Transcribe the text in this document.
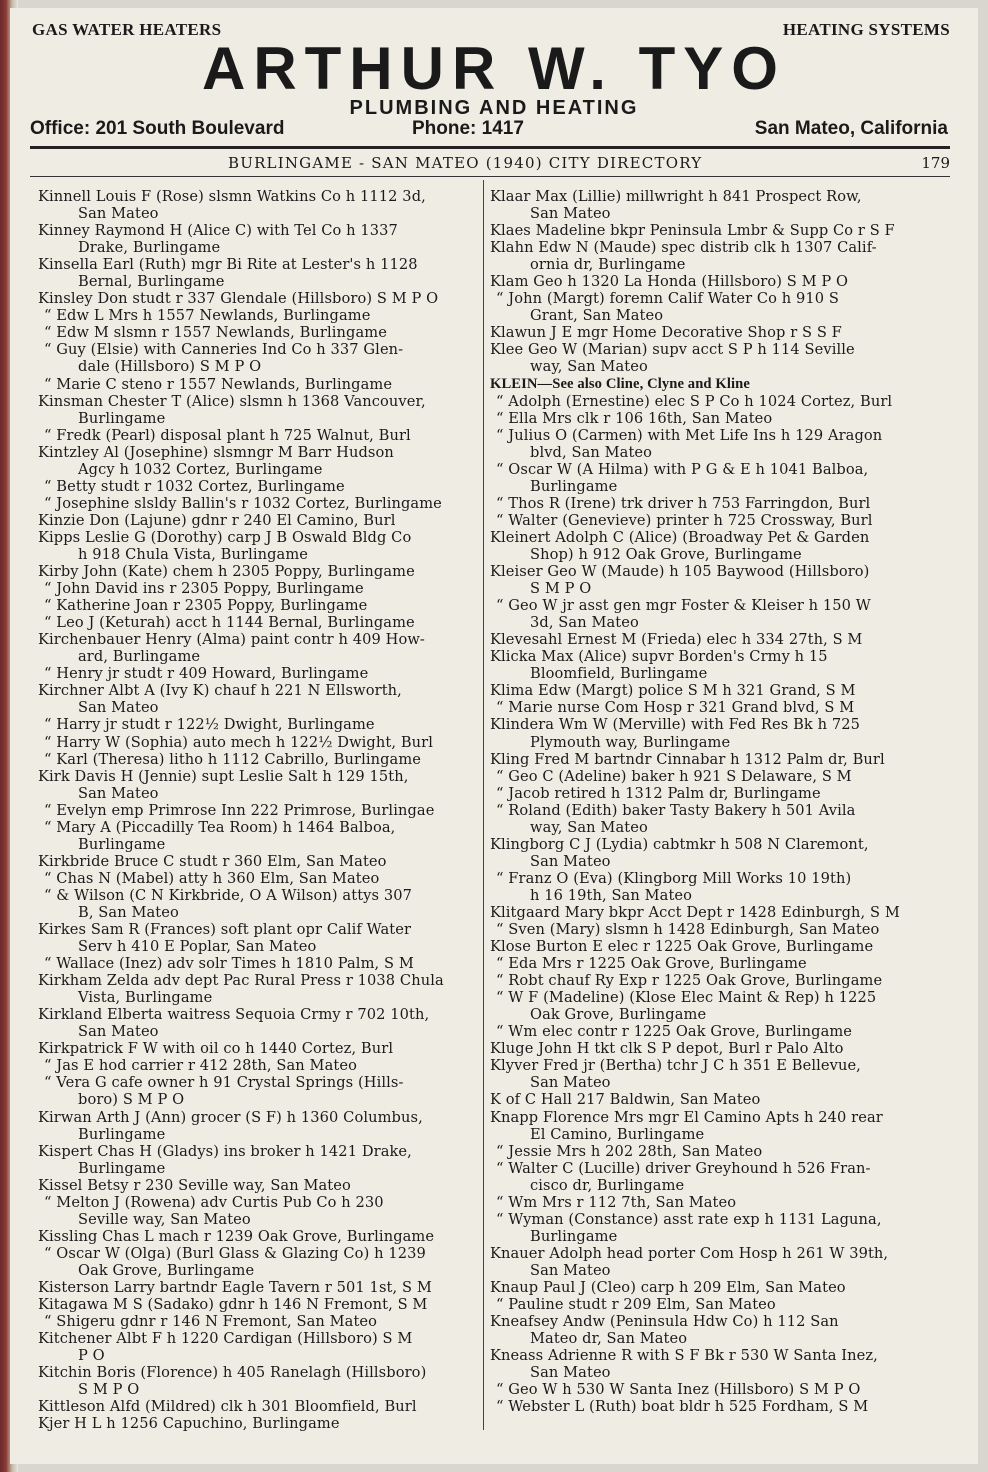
GAS WATER HEATERS	HEATING SYSTEMS
ARTHUR W. TYO
PLUMBING AND HEATING
Office: 201 South Boulevard	Phone: 1417	San Mateo, California
BURLINGAME - SAN MATEO (1940) CITY DIRECTORY	179
Kinnell Louis F (Rose) slsmn Watkins Co h 1112 3d,
San Mateo
Kinney Raymond H (Alice C) with Tel Co h 1337
Drake, Burlingame
Kinsella Earl (Ruth) mgr Bi Rite at Lester's h 1128
Bernal, Burlingame
Kinsley Don studt r 337 Glendale (Hillsboro) S M P O
“ Edw L Mrs h 1557 Newlands, Burlingame
“ Edw M slsmn r 1557 Newlands, Burlingame
“ Guy (Elsie) with Canneries Ind Co h 337 Glen-
dale (Hillsboro) S M P O
“ Marie C steno r 1557 Newlands, Burlingame
Kinsman Chester T (Alice) slsmn h 1368 Vancouver,
Burlingame
“ Fredk (Pearl) disposal plant h 725 Walnut, Burl
Kintzley Al (Josephine) slsmngr M Barr Hudson
Agcy h 1032 Cortez, Burlingame
“ Betty studt r 1032 Cortez, Burlingame
“ Josephine slsldy Ballin's r 1032 Cortez, Burlingame
Kinzie Don (Lajune) gdnr r 240 El Camino, Burl
Kipps Leslie G (Dorothy) carp J B Oswald Bldg Co
h 918 Chula Vista, Burlingame
Kirby John (Kate) chem h 2305 Poppy, Burlingame
“ John David ins r 2305 Poppy, Burlingame
“ Katherine Joan r 2305 Poppy, Burlingame
“ Leo J (Keturah) acct h 1144 Bernal, Burlingame
Kirchenbauer Henry (Alma) paint contr h 409 How-
ard, Burlingame
“ Henry jr studt r 409 Howard, Burlingame
Kirchner Albt A (Ivy K) chauf h 221 N Ellsworth,
San Mateo
“ Harry jr studt r 122½ Dwight, Burlingame
“ Harry W (Sophia) auto mech h 122½ Dwight, Burl
“ Karl (Theresa) litho h 1112 Cabrillo, Burlingame
Kirk Davis H (Jennie) supt Leslie Salt h 129 15th,
San Mateo
“ Evelyn emp Primrose Inn 222 Primrose, Burlingae
“ Mary A (Piccadilly Tea Room) h 1464 Balboa,
Burlingame
Kirkbride Bruce C studt r 360 Elm, San Mateo
“ Chas N (Mabel) atty h 360 Elm, San Mateo
“ & Wilson (C N Kirkbride, O A Wilson) attys 307
B, San Mateo
Kirkes Sam R (Frances) soft plant opr Calif Water
Serv h 410 E Poplar, San Mateo
“ Wallace (Inez) adv solr Times h 1810 Palm, S M
Kirkham Zelda adv dept Pac Rural Press r 1038 Chula
Vista, Burlingame
Kirkland Elberta waitress Sequoia Crmy r 702 10th,
San Mateo
Kirkpatrick F W with oil co h 1440 Cortez, Burl
“ Jas E hod carrier r 412 28th, San Mateo
“ Vera G cafe owner h 91 Crystal Springs (Hills-
boro) S M P O
Kirwan Arth J (Ann) grocer (S F) h 1360 Columbus,
Burlingame
Kispert Chas H (Gladys) ins broker h 1421 Drake,
Burlingame
Kissel Betsy r 230 Seville way, San Mateo
“ Melton J (Rowena) adv Curtis Pub Co h 230
Seville way, San Mateo
Kissling Chas L mach r 1239 Oak Grove, Burlingame
“ Oscar W (Olga) (Burl Glass & Glazing Co) h 1239
Oak Grove, Burlingame
Kisterson Larry bartndr Eagle Tavern r 501 1st, S M
Kitagawa M S (Sadako) gdnr h 146 N Fremont, S M
“ Shigeru gdnr r 146 N Fremont, San Mateo
Kitchener Albt F h 1220 Cardigan (Hillsboro) S M
P O
Kitchin Boris (Florence) h 405 Ranelagh (Hillsboro)
S M P O
Kittleson Alfd (Mildred) clk h 301 Bloomfield, Burl
Kjer H L h 1256 Capuchino, Burlingame
Klaar Max (Lillie) millwright h 841 Prospect Row,
San Mateo
Klaes Madeline bkpr Peninsula Lmbr & Supp Co r S F
Klahn Edw N (Maude) spec distrib clk h 1307 Calif-
ornia dr, Burlingame
Klam Geo h 1320 La Honda (Hillsboro) S M P O
“ John (Margt) foremn Calif Water Co h 910 S
Grant, San Mateo
Klawun J E mgr Home Decorative Shop r S S F
Klee Geo W (Marian) supv acct S P h 114 Seville
way, San Mateo
KLEIN—See also Cline, Clyne and Kline
“ Adolph (Ernestine) elec S P Co h 1024 Cortez, Burl
“ Ella Mrs clk r 106 16th, San Mateo
“ Julius O (Carmen) with Met Life Ins h 129 Aragon
blvd, San Mateo
“ Oscar W (A Hilma) with P G & E h 1041 Balboa,
Burlingame
“ Thos R (Irene) trk driver h 753 Farringdon, Burl
“ Walter (Genevieve) printer h 725 Crossway, Burl
Kleinert Adolph C (Alice) (Broadway Pet & Garden
Shop) h 912 Oak Grove, Burlingame
Kleiser Geo W (Maude) h 105 Baywood (Hillsboro)
S M P O
“ Geo W jr asst gen mgr Foster & Kleiser h 150 W
3d, San Mateo
Klevesahl Ernest M (Frieda) elec h 334 27th, S M
Klicka Max (Alice) supvr Borden's Crmy h 15
Bloomfield, Burlingame
Klima Edw (Margt) police S M h 321 Grand, S M
“ Marie nurse Com Hosp r 321 Grand blvd, S M
Klindera Wm W (Merville) with Fed Res Bk h 725
Plymouth way, Burlingame
Kling Fred M bartndr Cinnabar h 1312 Palm dr, Burl
“ Geo C (Adeline) baker h 921 S Delaware, S M
“ Jacob retired h 1312 Palm dr, Burlingame
“ Roland (Edith) baker Tasty Bakery h 501 Avila
way, San Mateo
Klingborg C J (Lydia) cabtmkr h 508 N Claremont,
San Mateo
“ Franz O (Eva) (Klingborg Mill Works 10 19th)
h 16 19th, San Mateo
Klitgaard Mary bkpr Acct Dept r 1428 Edinburgh, S M
“ Sven (Mary) slsmn h 1428 Edinburgh, San Mateo
Klose Burton E elec r 1225 Oak Grove, Burlingame
“ Eda Mrs r 1225 Oak Grove, Burlingame
“ Robt chauf Ry Exp r 1225 Oak Grove, Burlingame
“ W F (Madeline) (Klose Elec Maint & Rep) h 1225
Oak Grove, Burlingame
“ Wm elec contr r 1225 Oak Grove, Burlingame
Kluge John H tkt clk S P depot, Burl r Palo Alto
Klyver Fred jr (Bertha) tchr J C h 351 E Bellevue,
San Mateo
K of C Hall 217 Baldwin, San Mateo
Knapp Florence Mrs mgr El Camino Apts h 240 rear
El Camino, Burlingame
“ Jessie Mrs h 202 28th, San Mateo
“ Walter C (Lucille) driver Greyhound h 526 Fran-
cisco dr, Burlingame
“ Wm Mrs r 112 7th, San Mateo
“ Wyman (Constance) asst rate exp h 1131 Laguna,
Burlingame
Knauer Adolph head porter Com Hosp h 261 W 39th,
San Mateo
Knaup Paul J (Cleo) carp h 209 Elm, San Mateo
“ Pauline studt r 209 Elm, San Mateo
Kneafsey Andw (Peninsula Hdw Co) h 112 San
Mateo dr, San Mateo
Kneass Adrienne R with S F Bk r 530 W Santa Inez,
San Mateo
“ Geo W h 530 W Santa Inez (Hillsboro) S M P O
“ Webster L (Ruth) boat bldr h 525 Fordham, S M
